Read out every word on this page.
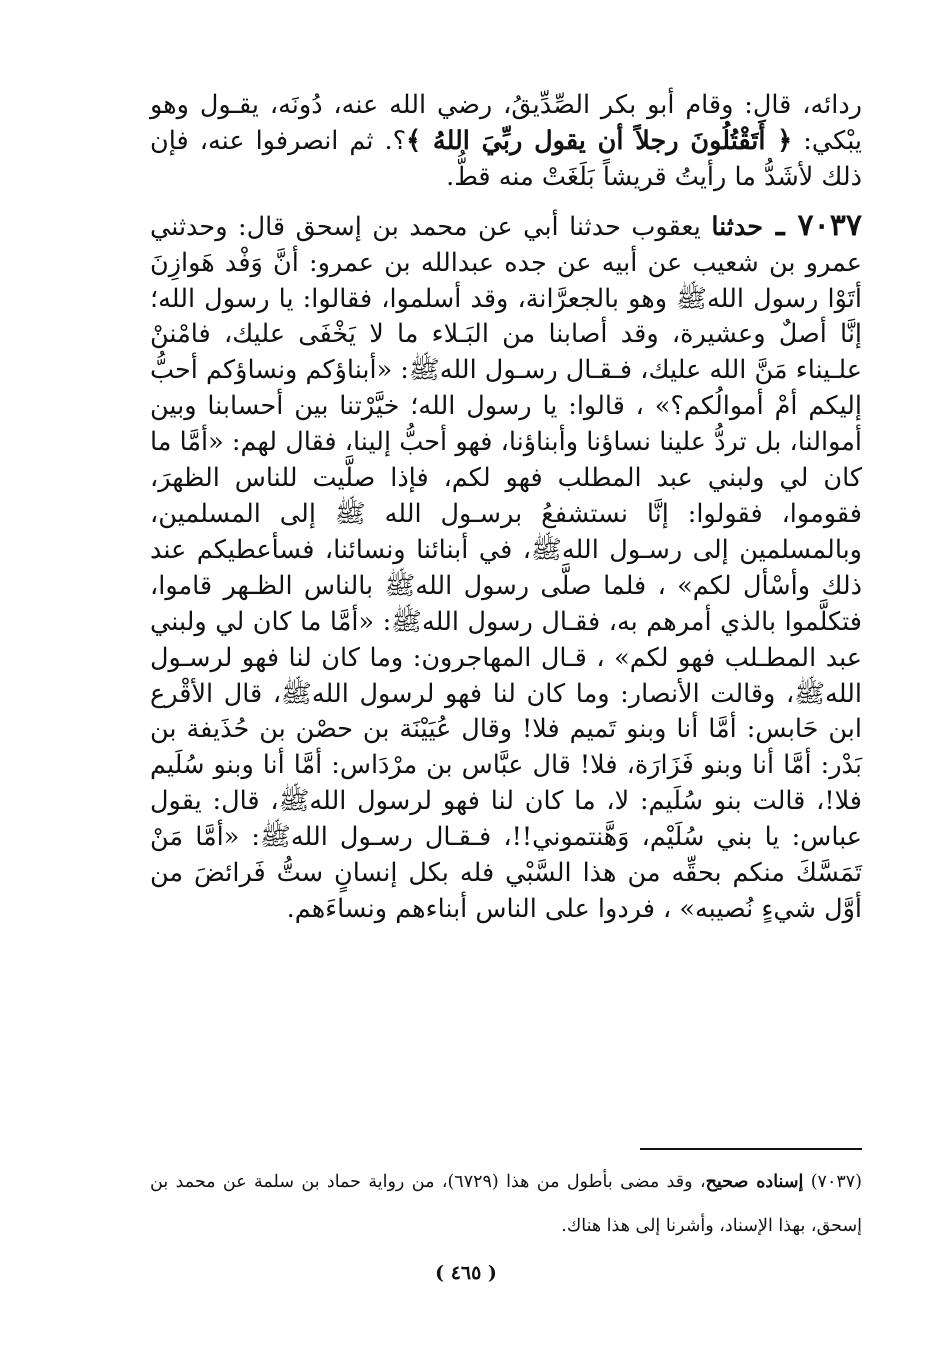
ردائه، قال: وقام أبو بكر الصِّدِّيقُ، رضي الله عنه، دُونَه، يقـول وهو يبْكي: ﴿ أَتَقْتُلُونَ رجلاً أن يقول ربِّيَ اللهُ ﴾؟. ثم انصرفوا عنه، فإن ذلك لأشَدُّ ما رأيتُ قريشاً بَلَغَتْ منه قطُّ.

٧٠٣٧ ـ حدثنا يعقوب حدثنا أبي عن محمد بن إسحق قال: وحدثني عمرو بن شعيب عن أبيه عن جده عبدالله بن عمرو: أنَّ وَفْد هَوازِنَ أتَوْا رسول اللهﷺ وهو بالجعرَّانة، وقد أسلموا، فقالوا: يا رسول الله؛ إنَّا أصلٌ وعشيرة، وقد أصابنا من البَـلاء ما لا يَخْفَى عليك، فامْننْ علـيناء مَنَّ الله عليك، فـقـال رسـول اللهﷺ: «أبناؤكم ونساؤكم أحبُّ إليكم أمْ أموالُكم؟» ، قالوا: يا رسول الله؛ خيَّرْتنا بين أحسابنا وبين أموالنا، بل تردُّ علينا نساؤنا وأبناؤنا، فهو أحبُّ إلينا، فقال لهم: «أمَّا ما كان لي ولبني عبد المطلب فهو لكم، فإذا صلَّيت للناس الظهرَ، فقوموا، فقولوا: إنَّا نستشفعُ برسـول الله ﷺ إلى المسلمين، وبالمسلمين إلى رسـول اللهﷺ، في أبنائنا ونسائنا، فسأعطيكم عند ذلك وأسْأل لكم» ، فلما صلَّى رسول اللهﷺ بالناس الظـهر قاموا، فتكلَّموا بالذي أمرهم به، فقـال رسول اللهﷺ: «أمَّا ما كان لي ولبني عبد المطـلب فهو لكم» ، قـال المهاجرون: وما كان لنا فهو لرسـول اللهﷺ، وقالت الأنصار: وما كان لنا فهو لرسول اللهﷺ، قال الأقْرع ابن حَابس: أمَّا أنا وبنو تَميم فلا! وقال عُيَيْنَة بن حصْن بن حُذَيفة بن بَدْر: أمَّا أنا وبنو فَزَارَة، فلا! قال عبَّاس بن مرْدَاس: أمَّا أنا وبنو سُلَيم فلا!، قالت بنو سُلَيم: لا، ما كان لنا فهو لرسول اللهﷺ، قال: يقول عباس: يا بني سُلَيْم، وَهَّنتموني!!، فـقـال رسـول اللهﷺ: «أمَّا مَنْ تَمَسَّكَ منكم بحقِّه من هذا السَّبْي فله بكل إنسانٍ ستُّ فَرائضَ من أوَّل شيءٍ نُصيبه» ، فردوا على الناس أبناءهم ونساءَهم.

(٧٠٣٧) إسناده صحيح، وقد مضى بأطول من هذا (٦٧٢٩)، من رواية حماد بن سلمة عن محمد بن إسحق، بهذا الإسناد، وأشرنا إلى هذا هناك.
( ٤٦٥ )
